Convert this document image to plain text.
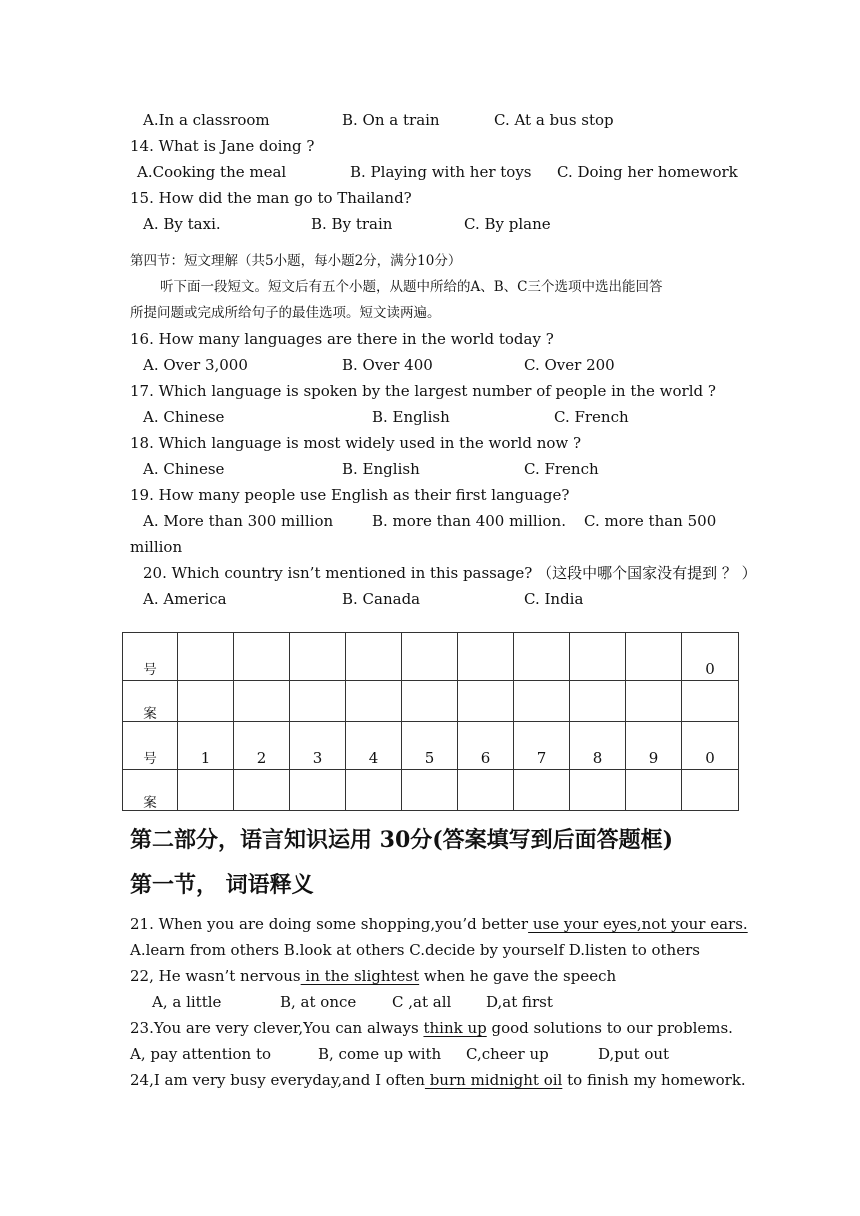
A.In a classroom	B. On a train	C. At a bus stop
14. What is Jane doing ?
A.Cooking the meal	B. Playing with her toys C. Doing her homework
15. How did the man go to Thailand?
A. By taxi.	B. By train	C. By plane
第四节：短文理解（共5小题，每小题2分，满分10分）
听下面一段短文。短文后有五个小题，从题中所给的A、B、C三个选项中选出能回答
所提问题或完成所给句子的最佳选项。短文读两遍。
16. How many languages are there in the world today ?
A. Over 3,000	B. Over 400	C. Over 200
17. Which language is spoken by the largest number of people in the world ?
A. Chinese	B. English	C. French
18. Which language is most widely used in the world now ?
A. Chinese	B. English	C. French
19. How many people use English as their first language?
A. More than 300 million	B. more than 400 million. C. more than 500
million
20. Which country isn’t mentioned in this passage? （这段中哪个国家没有提到 ？ ）
A. America	B. Canada	C. India
号										0
案										
号	1	2	3	4	5	6	7	8	9	0
案										
第二部分，语言知识运用 30分(答案填写到后面答题框)
第一节， 词语释义
21. When you are doing some shopping,you’d better use your eyes,not your ears.
A.learn from others B.look at others C.decide by yourself D.listen to others
22, He wasn’t nervous in the slightest when he gave the speech
A, a little	B, at once C ,at all D,at first
23.You are very clever,You can always think up good solutions to our problems.
A, pay attention to	B, come up with C,cheer up	D,put out
24,I am very busy everyday,and I often burn midnight oil to finish my homework.
